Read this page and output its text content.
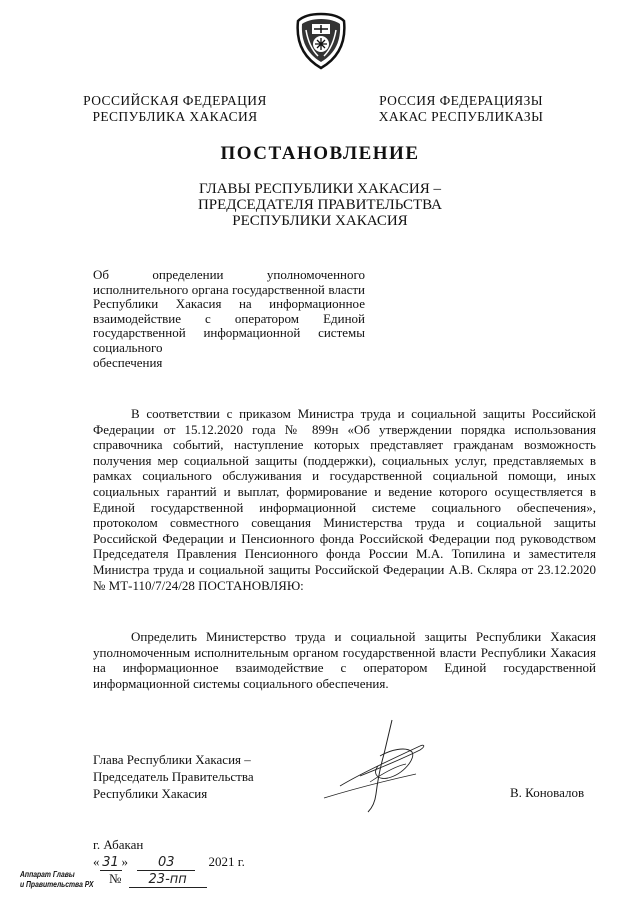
РОССИЙСКАЯ ФЕДЕРАЦИЯ
РЕСПУБЛИКА ХАКАСИЯ
РОССИЯ ФЕДЕРАЦИЯЗЫ
ХАКАС РЕСПУБЛИКАЗЫ
ПОСТАНОВЛЕНИЕ
ГЛАВЫ РЕСПУБЛИКИ ХАКАСИЯ –
ПРЕДСЕДАТЕЛЯ ПРАВИТЕЛЬСТВА
РЕСПУБЛИКИ ХАКАСИЯ
Об определении уполномоченного исполнительного органа государственной власти Республики Хакасия на информационное взаимодействие с оператором Единой государственной информационной системы социального
обеспечения
В соответствии с приказом Министра труда и социальной защиты Российской Федерации от 15.12.2020 года № 899н «Об утверждении порядка использования справочника событий, наступление которых представляет гражданам возможность получения мер социальной защиты (поддержки), социальных услуг, представляемых в рамках социального обслуживания и государственной социальной помощи, иных социальных гарантий и выплат, формирование и ведение которого осуществляется в Единой государственной информационной системе социального обеспечения», протоколом совместного совещания Министерства труда и социальной защиты Российской Федерации и Пенсионного фонда Российской Федерации под руководством Председателя Правления Пенсионного фонда России М.А. Топилина и заместителя Министра труда и социальной защиты Российской Федерации А.В. Скляра от 23.12.2020 № МТ-110/7/24/28 ПОСТАНОВЛЯЮ:
Определить Министерство труда и социальной защиты Республики Хакасия уполномоченным исполнительным органом государственной власти Республики Хакасия на информационное взаимодействие с оператором Единой государственной информационной системы социального обеспечения.
Глава Республики Хакасия –
Председатель Правительства
Республики Хакасия	В. Коновалов
г. Абакан
« 31 » 03	2021 г.
№ 23-пп
Аппарат Главы
и Правительства РХ
